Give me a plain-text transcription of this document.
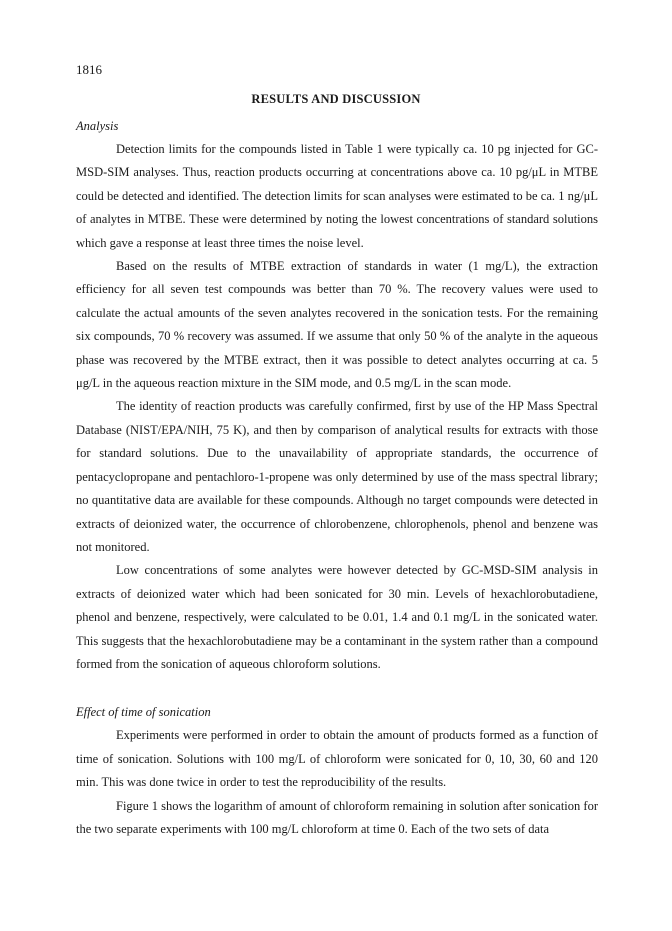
1816
RESULTS AND DISCUSSION

Analysis

Detection limits for the compounds listed in Table 1 were typically ca. 10 pg injected for GC-MSD-SIM analyses. Thus, reaction products occurring at concentrations above ca. 10 pg/μL in MTBE could be detected and identified. The detection limits for scan analyses were estimated to be ca. 1 ng/μL of analytes in MTBE. These were determined by noting the lowest concentrations of standard solutions which gave a response at least three times the noise level.

Based on the results of MTBE extraction of standards in water (1 mg/L), the extraction efficiency for all seven test compounds was better than 70 %. The recovery values were used to calculate the actual amounts of the seven analytes recovered in the sonication tests. For the remaining six compounds, 70 % recovery was assumed. If we assume that only 50 % of the analyte in the aqueous phase was recovered by the MTBE extract, then it was possible to detect analytes occurring at ca. 5 μg/L in the aqueous reaction mixture in the SIM mode, and 0.5 mg/L in the scan mode.

The identity of reaction products was carefully confirmed, first by use of the HP Mass Spectral Database (NIST/EPA/NIH, 75 K), and then by comparison of analytical results for extracts with those for standard solutions. Due to the unavailability of appropriate standards, the occurrence of pentacyclopropane and pentachloro-1-propene was only determined by use of the mass spectral library; no quantitative data are available for these compounds. Although no target compounds were detected in extracts of deionized water, the occurrence of chlorobenzene, chlorophenols, phenol and benzene was not monitored.

Low concentrations of some analytes were however detected by GC-MSD-SIM analysis in extracts of deionized water which had been sonicated for 30 min. Levels of hexachlorobutadiene, phenol and benzene, respectively, were calculated to be 0.01, 1.4 and 0.1 mg/L in the sonicated water. This suggests that the hexachlorobutadiene may be a contaminant in the system rather than a compound formed from the sonication of aqueous chloroform solutions.

Effect of time of sonication

Experiments were performed in order to obtain the amount of products formed as a function of time of sonication. Solutions with 100 mg/L of chloroform were sonicated for 0, 10, 30, 60 and 120 min. This was done twice in order to test the reproducibility of the results.

Figure 1 shows the logarithm of amount of chloroform remaining in solution after sonication for the two separate experiments with 100 mg/L chloroform at time 0. Each of the two sets of data
